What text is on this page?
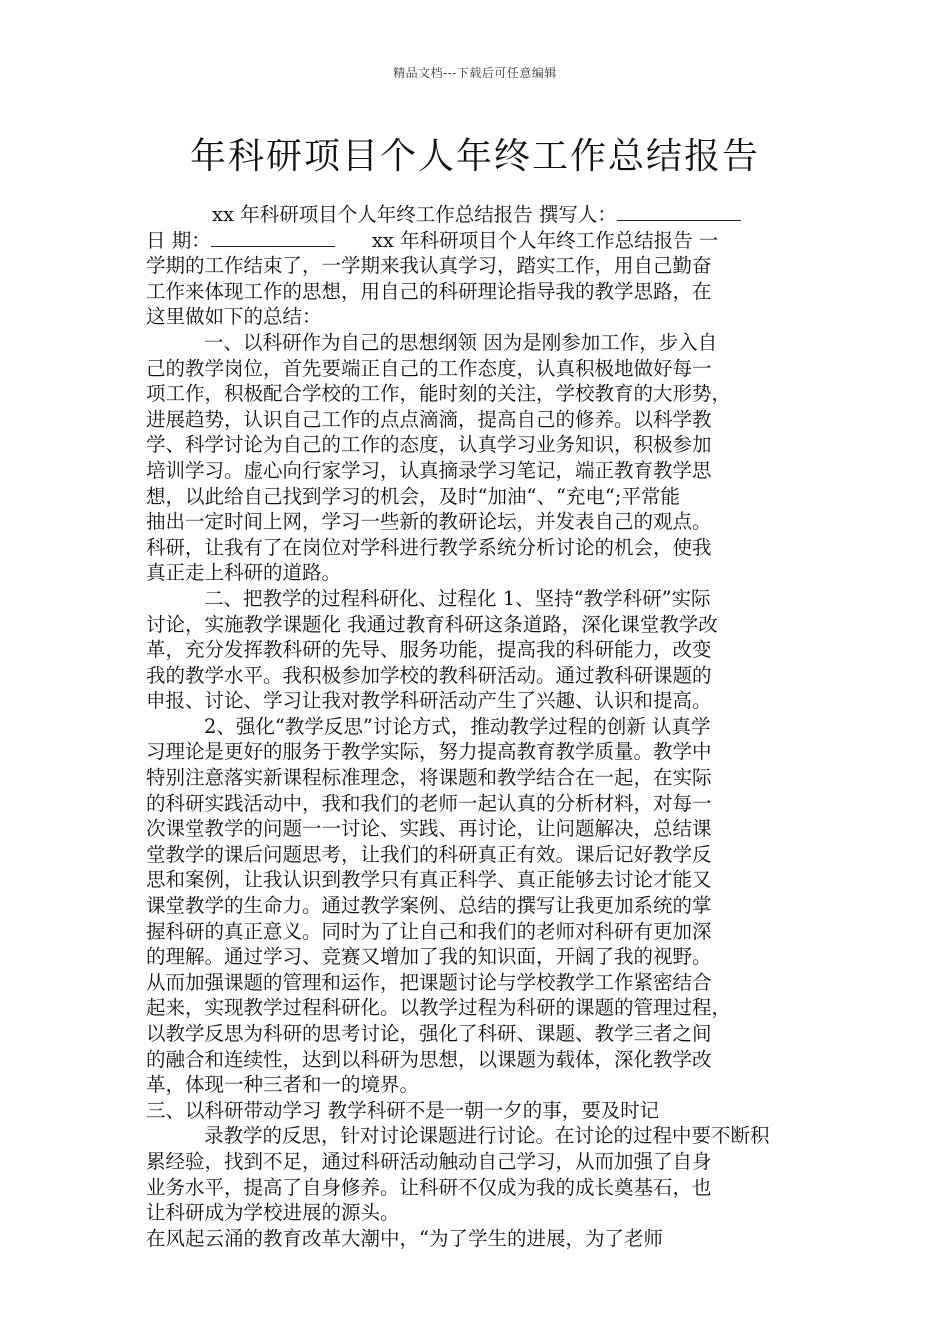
精品文档---下载后可任意编辑
年科研项目个人年终工作总结报告
xx 年科研项目个人年终工作总结报告 撰写人：
日 期：	xx 年科研项目个人年终工作总结报告 一
学期的工作结束了，一学期来我认真学习，踏实工作，用自己勤奋
工作来体现工作的思想，用自己的科研理论指导我的教学思路，在
这里做如下的总结：
一、以科研作为自己的思想纲领 因为是刚参加工作，步入自
己的教学岗位，首先要端正自己的工作态度，认真积极地做好每一
项工作，积极配合学校的工作，能时刻的关注，学校教育的大形势，
进展趋势，认识自己工作的点点滴滴，提高自己的修养。以科学教
学、科学讨论为自己的工作的态度，认真学习业务知识，积极参加
培训学习。虚心向行家学习，认真摘录学习笔记，端正教育教学思
想，以此给自己找到学习的机会，及时“加油“、“充电“;平常能
抽出一定时间上网，学习一些新的教研论坛，并发表自己的观点。
科研，让我有了在岗位对学科进行教学系统分析讨论的机会，使我
真正走上科研的道路。
二、把教学的过程科研化、过程化 1、坚持“教学科研”实际
讨论，实施教学课题化 我通过教育科研这条道路，深化课堂教学改
革，充分发挥教科研的先导、服务功能，提高我的科研能力，改变
我的教学水平。我积极参加学校的教科研活动。通过教科研课题的
申报、讨论、学习让我对教学科研活动产生了兴趣、认识和提高。
2、强化“教学反思”讨论方式，推动教学过程的创新 认真学
习理论是更好的服务于教学实际，努力提高教育教学质量。教学中
特别注意落实新课程标准理念，将课题和教学结合在一起，在实际
的科研实践活动中，我和我们的老师一起认真的分析材料，对每一
次课堂教学的问题一一讨论、实践、再讨论，让问题解决，总结课
堂教学的课后问题思考，让我们的科研真正有效。课后记好教学反
思和案例，让我认识到教学只有真正科学、真正能够去讨论才能又
课堂教学的生命力。通过教学案例、总结的撰写让我更加系统的掌
握科研的真正意义。同时为了让自己和我们的老师对科研有更加深
的理解。通过学习、竞赛又增加了我的知识面，开阔了我的视野。
从而加强课题的管理和运作，把课题讨论与学校教学工作紧密结合
起来，实现教学过程科研化。以教学过程为科研的课题的管理过程，
以教学反思为科研的思考讨论，强化了科研、课题、教学三者之间
的融合和连续性，达到以科研为思想，以课题为载体，深化教学改
革，体现一种三者和一的境界。
三、以科研带动学习 教学科研不是一朝一夕的事，要及时记
录教学的反思，针对讨论课题进行讨论。在讨论的过程中要不断积
累经验，找到不足，通过科研活动触动自己学习，从而加强了自身
业务水平，提高了自身修养。让科研不仅成为我的成长奠基石，也
让科研成为学校进展的源头。
在风起云涌的教育改革大潮中，“为了学生的进展，为了老师
